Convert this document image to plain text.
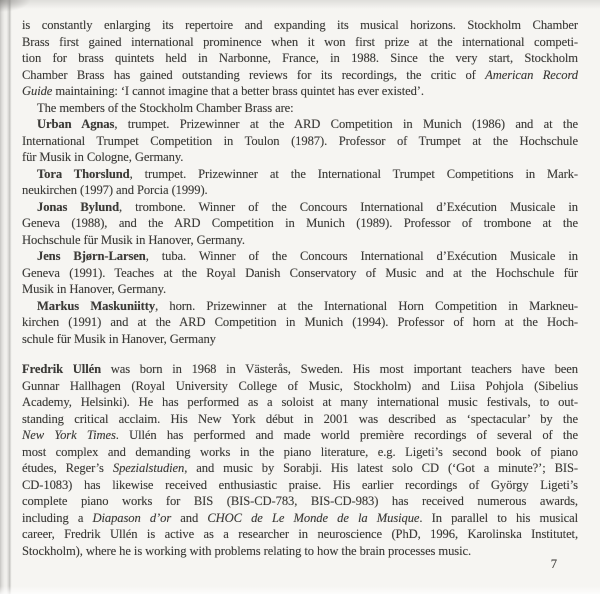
is constantly enlarging its repertoire and expanding its musical horizons. Stockholm Chamber
Brass first gained international prominence when it won first prize at the international competi-
tion for brass quintets held in Narbonne, France, in 1988. Since the very start, Stockholm
Chamber Brass has gained outstanding reviews for its recordings, the critic of American Record
Guide maintaining: ‘I cannot imagine that a better brass quintet has ever existed’.
The members of the Stockholm Chamber Brass are:
Urban Agnas, trumpet. Prizewinner at the ARD Competition in Munich (1986) and at the
International Trumpet Competition in Toulon (1987). Professor of Trumpet at the Hochschule
für Musik in Cologne, Germany.
Tora Thorslund, trumpet. Prizewinner at the International Trumpet Competitions in Mark-
neukirchen (1997) and Porcia (1999).
Jonas Bylund, trombone. Winner of the Concours International d’Exécution Musicale in
Geneva (1988), and the ARD Competition in Munich (1989). Professor of trombone at the
Hochschule für Musik in Hanover, Germany.
Jens Bjørn-Larsen, tuba. Winner of the Concours International d’Exécution Musicale in
Geneva (1991). Teaches at the Royal Danish Conservatory of Music and at the Hochschule für
Musik in Hanover, Germany.
Markus Maskuniitty, horn. Prizewinner at the International Horn Competition in Markneu-
kirchen (1991) and at the ARD Competition in Munich (1994). Professor of horn at the Hoch-
schule für Musik in Hanover, Germany
Fredrik Ullén was born in 1968 in Västerås, Sweden. His most important teachers have been
Gunnar Hallhagen (Royal University College of Music, Stockholm) and Liisa Pohjola (Sibelius
Academy, Helsinki). He has performed as a soloist at many international music festivals, to out-
standing critical acclaim. His New York début in 2001 was described as ‘spectacular’ by the
New York Times. Ullén has performed and made world première recordings of several of the
most complex and demanding works in the piano literature, e.g. Ligeti’s second book of piano
études, Reger’s Spezialstudien, and music by Sorabji. His latest solo CD (‘Got a minute?’; BIS-
CD-1083) has likewise received enthusiastic praise. His earlier recordings of György Ligeti’s
complete piano works for BIS (BIS-CD-783, BIS-CD-983) has received numerous awards,
including a Diapason d’or and CHOC de Le Monde de la Musique. In parallel to his musical
career, Fredrik Ullén is active as a researcher in neuroscience (PhD, 1996, Karolinska Institutet,
Stockholm), where he is working with problems relating to how the brain processes music.
7
